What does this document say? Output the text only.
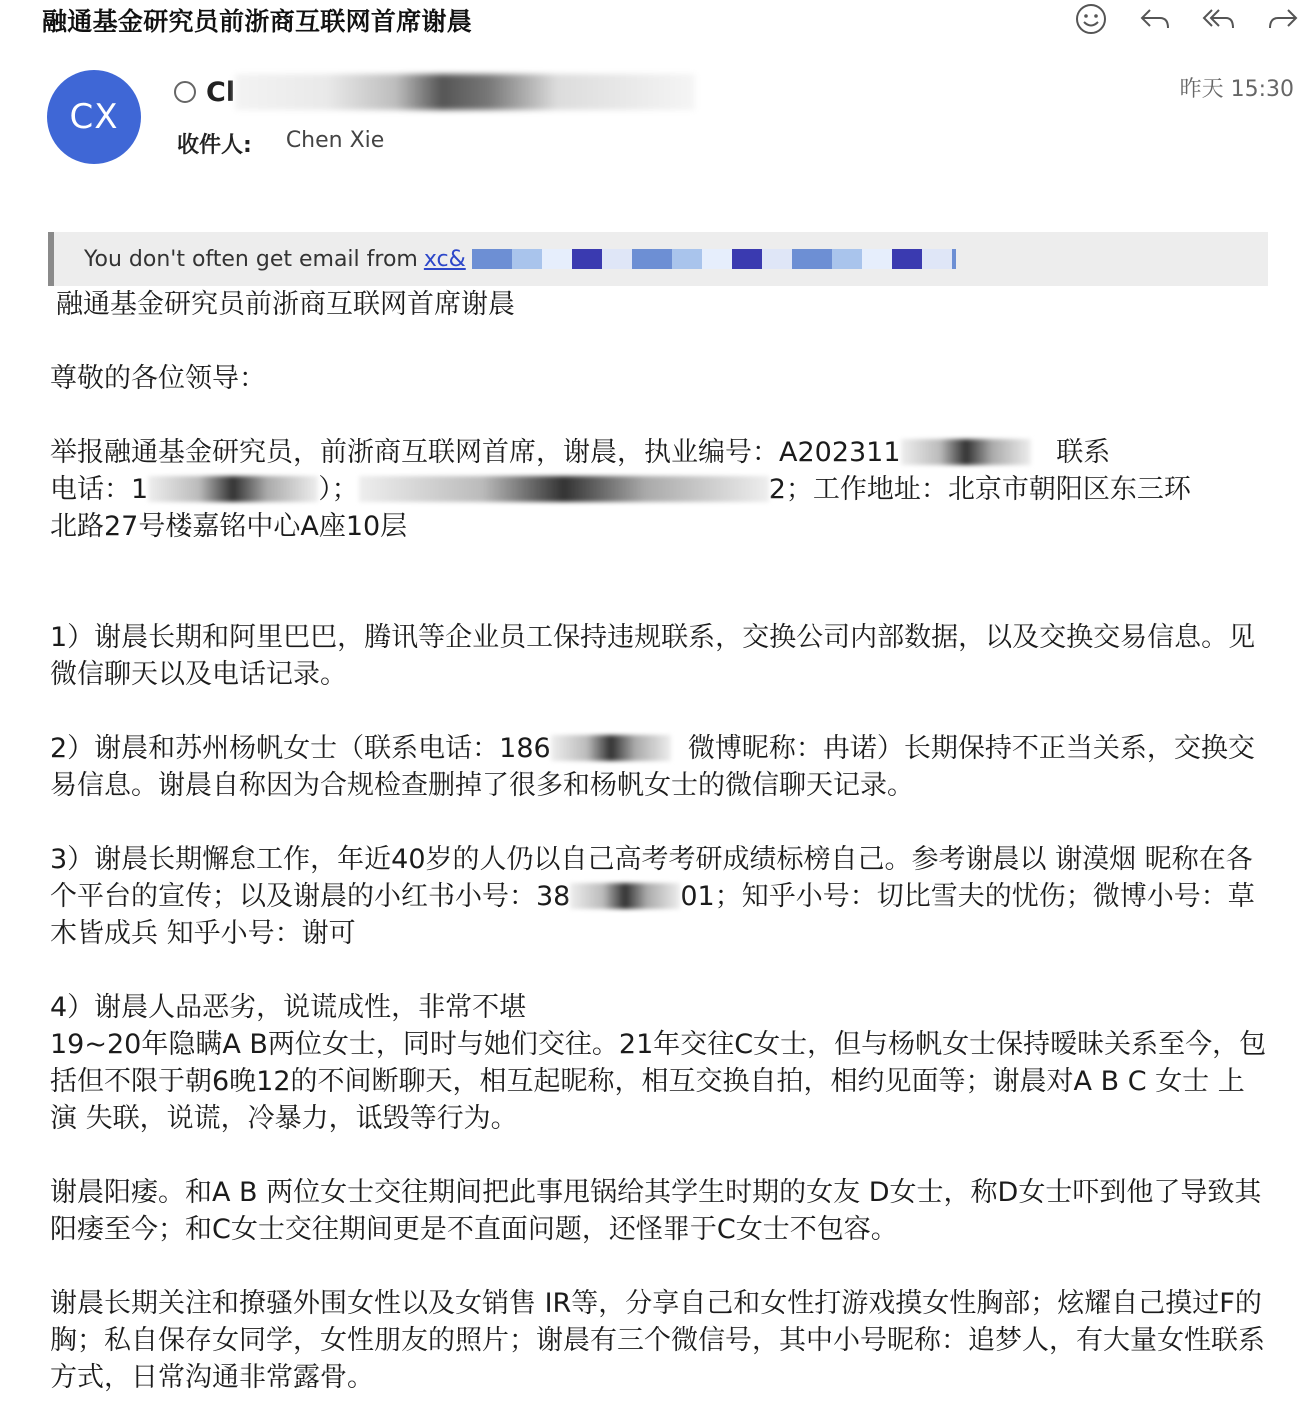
融通基金研究员前浙商互联网首席谢晨
CX
Cl
收件人: Chen Xie
昨天 15:30
You don't often get email from xc&

融通基金研究员前浙商互联网首席谢晨

尊敬的各位领导：

举报融通基金研究员，前浙商互联网首席，谢晨，执业编号：A202311	联系
电话：1	）；	2；工作地址：北京市朝阳区东三环
北路27号楼嘉铭中心A座10层

1）谢晨长期和阿里巴巴，腾讯等企业员工保持违规联系，交换公司内部数据，以及交换交易信息。见微信聊天以及电话记录。

2）谢晨和苏州杨帆女士（联系电话：186	微博昵称：冉诺）长期保持不正当关系，交换交易信息。谢晨自称因为合规检查删掉了很多和杨帆女士的微信聊天记录。

3）谢晨长期懈怠工作，年近40岁的人仍以自己高考考研成绩标榜自己。参考谢晨以 谢漠烟 昵称在各个平台的宣传；以及谢晨的小红书小号：38	01；知乎小号：切比雪夫的忧伤；微博小号：草木皆成兵 知乎小号：谢可

4）谢晨人品恶劣，说谎成性，非常不堪

19~20年隐瞒A B两位女士，同时与她们交往。21年交往C女士，但与杨帆女士保持暧昧关系至今，包括但不限于朝6晚12的不间断聊天，相互起昵称，相互交换自拍，相约见面等；谢晨对A B C 女士 上演 失联，说谎，冷暴力，诋毁等行为。

谢晨阳痿。和A B 两位女士交往期间把此事甩锅给其学生时期的女友 D女士，称D女士吓到他了导致其阳痿至今；和C女士交往期间更是不直面问题，还怪罪于C女士不包容。

谢晨长期关注和撩骚外围女性以及女销售 IR等，分享自己和女性打游戏摸女性胸部；炫耀自己摸过F的胸；私自保存女同学，女性朋友的照片；谢晨有三个微信号，其中小号昵称：追梦人，有大量女性联系方式，日常沟通非常露骨。
